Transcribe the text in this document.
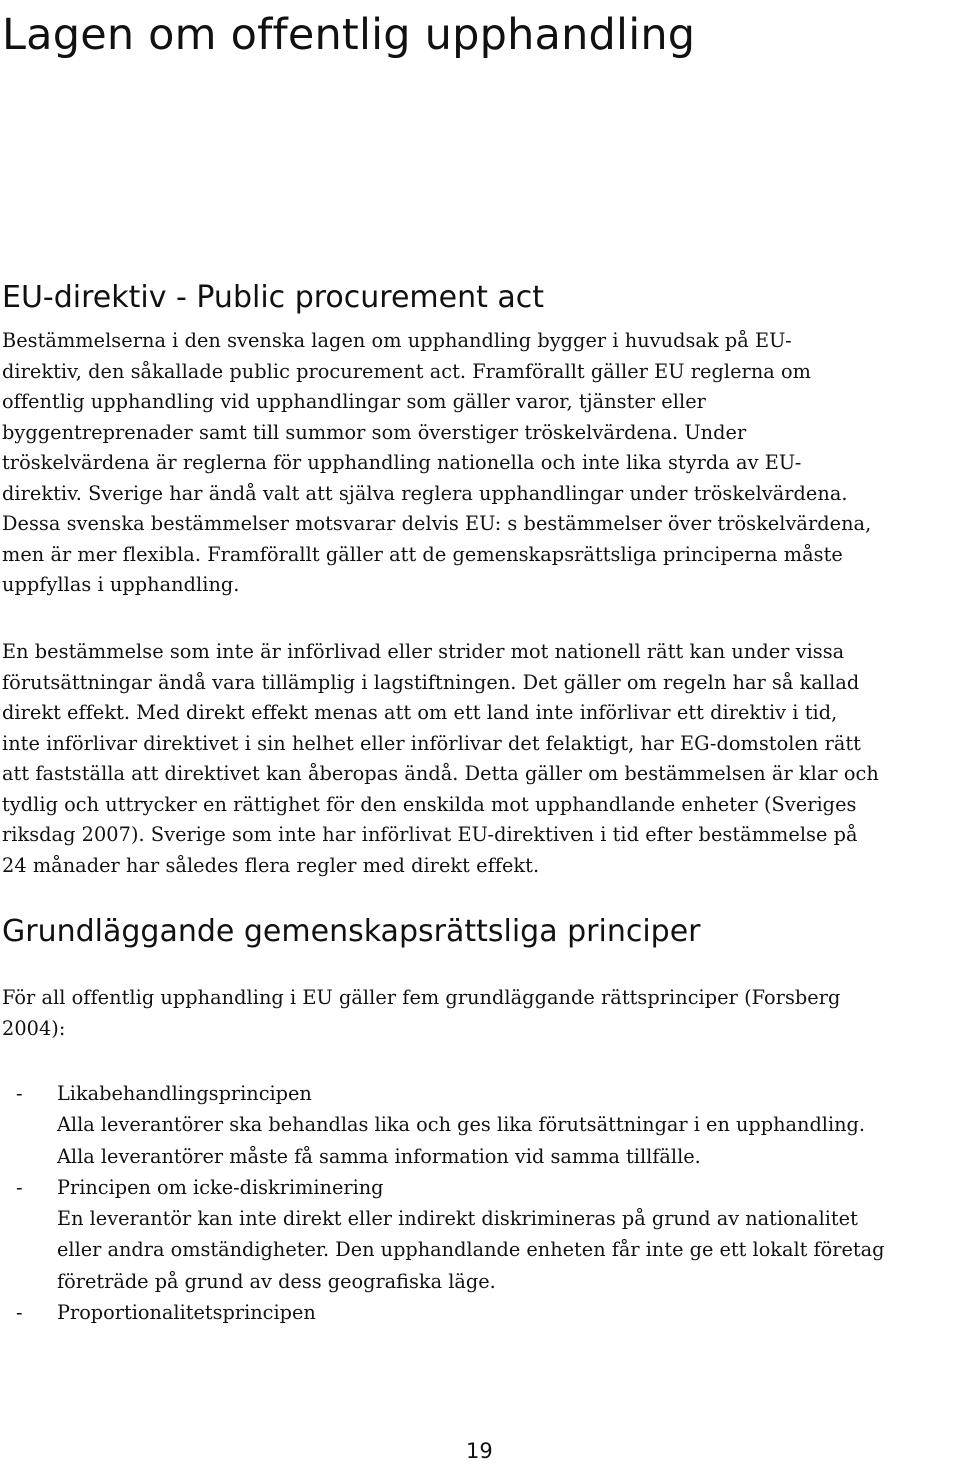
Lagen om offentlig upphandling
EU-direktiv - Public procurement act

Bestämmelserna i den svenska lagen om upphandling bygger i huvudsak på EU-
direktiv, den såkallade public procurement act. Framförallt gäller EU reglerna om
offentlig upphandling vid upphandlingar som gäller varor, tjänster eller
byggentreprenader samt till summor som överstiger tröskelvärdena. Under
tröskelvärdena är reglerna för upphandling nationella och inte lika styrda av EU-
direktiv. Sverige har ändå valt att själva reglera upphandlingar under tröskelvärdena.
Dessa svenska bestämmelser motsvarar delvis EU: s bestämmelser över tröskelvärdena,
men är mer flexibla. Framförallt gäller att de gemenskapsrättsliga principerna måste
uppfyllas i upphandling.

En bestämmelse som inte är införlivad eller strider mot nationell rätt kan under vissa
förutsättningar ändå vara tillämplig i lagstiftningen. Det gäller om regeln har så kallad
direkt effekt. Med direkt effekt menas att om ett land inte införlivar ett direktiv i tid,
inte införlivar direktivet i sin helhet eller införlivar det felaktigt, har EG-domstolen rätt
att fastställa att direktivet kan åberopas ändå. Detta gäller om bestämmelsen är klar och
tydlig och uttrycker en rättighet för den enskilda mot upphandlande enheter (Sveriges
riksdag 2007). Sverige som inte har införlivat EU-direktiven i tid efter bestämmelse på
24 månader har således flera regler med direkt effekt.

Grundläggande gemenskapsrättsliga principer

För all offentlig upphandling i EU gäller fem grundläggande rättsprinciper (Forsberg
2004):

- Likabehandlingsprincipen
Alla leverantörer ska behandlas lika och ges lika förutsättningar i en upphandling.
Alla leverantörer måste få samma information vid samma tillfälle.
- Principen om icke-diskriminering
En leverantör kan inte direkt eller indirekt diskrimineras på grund av nationalitet
eller andra omständigheter. Den upphandlande enheten får inte ge ett lokalt företag
företräde på grund av dess geografiska läge.
- Proportionalitetsprincipen
19
